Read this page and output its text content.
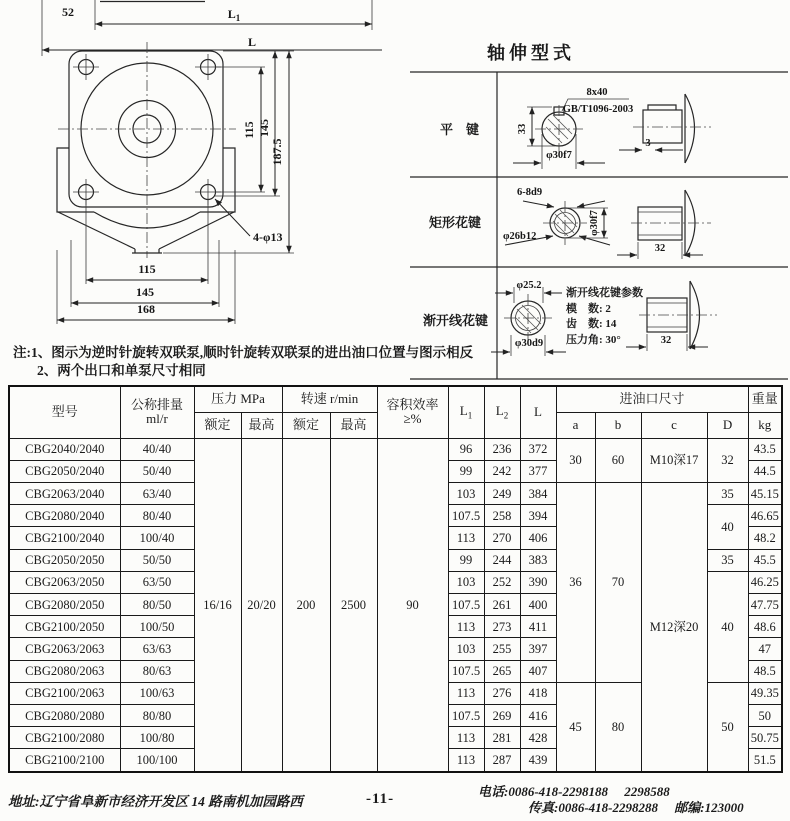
52	$L_1$
L
115 145
187.5
115
145
168
4-φ13
轴伸型式
33
8x40
GB/T1096-2003
φ30f7
3
6-8d9
φ26b12
φ30f7
32
φ25.2
φ30d9	32
平　键
矩形花键
渐开线花键
渐开线花键参数
模　数: 2
齿　数: 14
压力角: 30°
注:1、图示为逆时针旋转双联泵,顺时针旋转双联泵的进出油口位置与图示相反
2、两个出口和单泵尺寸相同
型号	公称排量
ml/r
	压力 MPa	转速 r/min	容积效率
≥%
	$L_1$	$L_2$	L	进油口尺寸	重量
		额定	最高	额定	最高					a	b	c	D	kg
CBG2040/2040	40/40	16/16	20/20	200	2500	90	96	236	372	30	60	M10深17	32	43.5
CBG2050/2040	50/40						99	242	377					44.5
CBG2063/2040	63/40						103	249	384	36	70	M12深20	35	45.15
CBG2080/2040	80/40						107.5	258	394				40	46.65
CBG2100/2040	100/40						113	270	406					48.2
CBG2050/2050	50/50						99	244	383				35	45.5
CBG2063/2050	63/50						103	252	390				40	46.25
CBG2080/2050	80/50						107.5	261	400					47.75
CBG2100/2050	100/50						113	273	411					48.6
CBG2063/2063	63/63						103	255	397					47
CBG2080/2063	80/63						107.5	265	407					48.5
CBG2100/2063	100/63						113	276	418	45	80		50	49.35
CBG2080/2080	80/80						107.5	269	416					50
CBG2100/2080	100/80						113	281	428					50.75
CBG2100/2100	100/100						113	287	439					51.5
地址:辽宁省阜新市经济开发区 14 路南机加园路西	-11-	电话:0086-418-2298188　 2298588
传真:0086-418-2298288　 邮编:123000
